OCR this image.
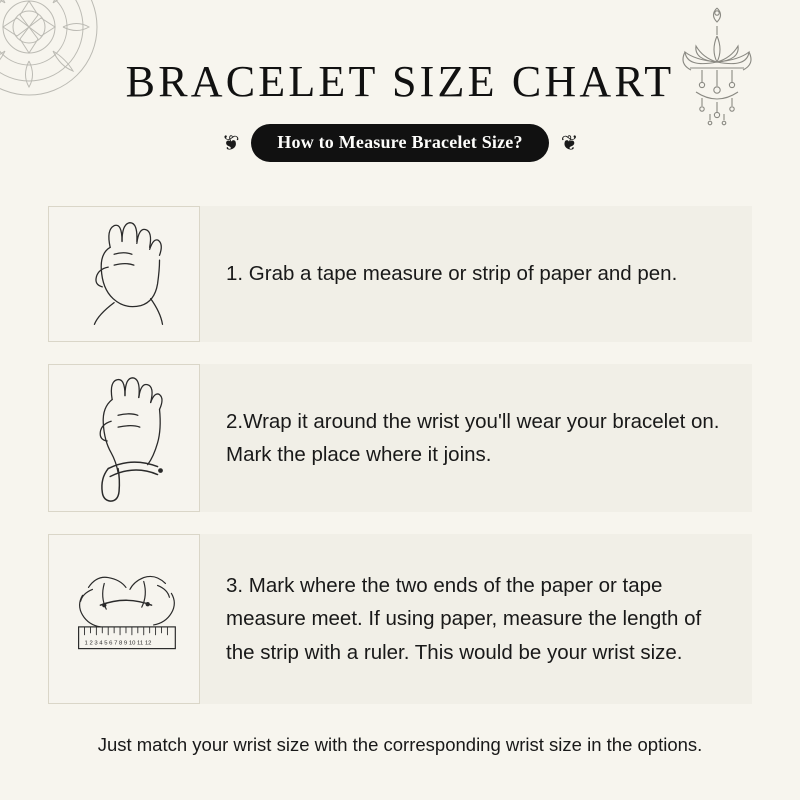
BRACELET SIZE CHART
❦	How to Measure Bracelet Size?	❦
1. Grab a tape measure or strip of paper and pen.
2.Wrap it around the wrist you'll wear your bracelet on. Mark the place where it joins.
1 2 3 4 5 6 7 8 9 10 11 12
3. Mark where the two ends of the paper or tape measure meet. If using paper, measure the length of the strip with a ruler. This would be your wrist size.
Just match your wrist size with the corresponding wrist size in the options.
